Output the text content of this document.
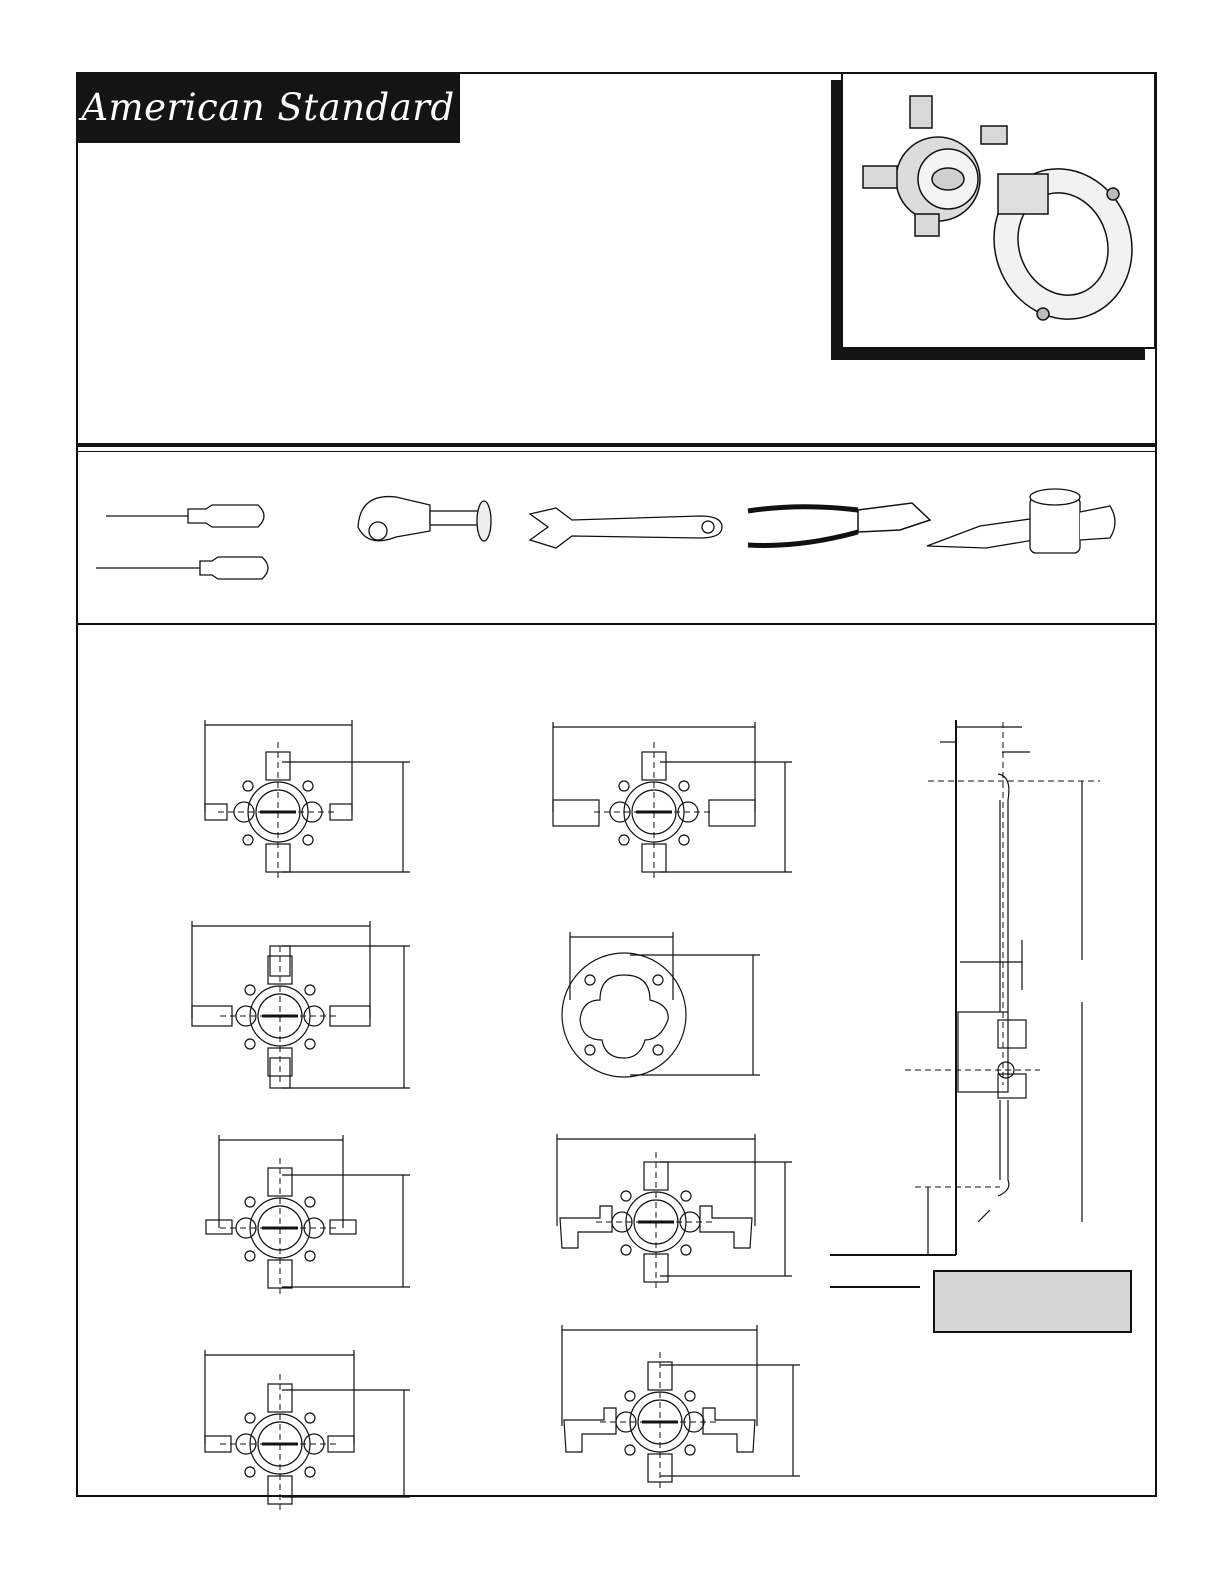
American Standard
